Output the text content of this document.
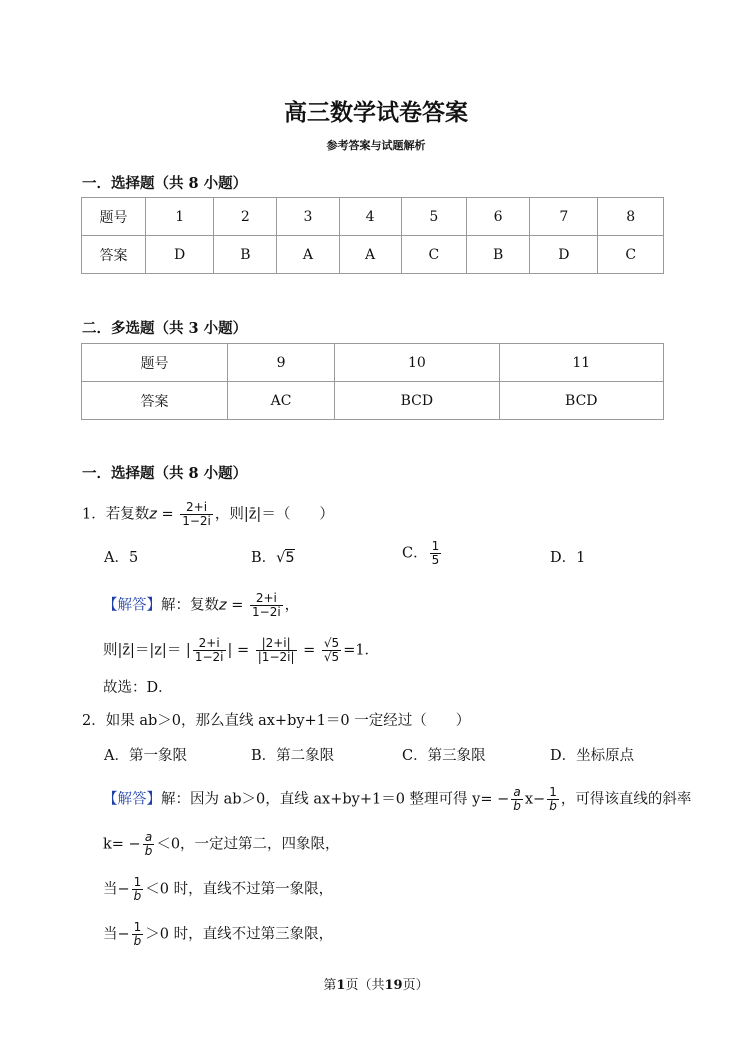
高三数学试卷答案
参考答案与试题解析
一．选择题（共 8 小题）
题号	1	2	3	4	5	6	7	8
答案	D	B	A	A	C	B	D	C
二．多选题（共 3 小题）
题号	9	10	11
答案	AC	BCD	BCD
一．选择题（共 8 小题）
1．若复数$z = \frac{2+i}{1-2i}$ ，则|z̄|＝（　　）
A．5	B．√5	C． $\frac{1}{5}$	D．1
【解答】解：复数$z = \frac{2+i}{1-2i}$ ，
则|z̄|＝|z|＝ | $\frac{2+i}{1-2i}$ | = $\frac{|2+i|}{|1-2i|} = \frac{√5}{√5} =1$．
故选：D．
2．如果 ab＞0，那么直线 ax+by+1＝0 一定经过（　　）
A．第一象限	B．第二象限	C．第三象限	D．坐标原点
【解答】解：因为 ab＞0，直线 ax+by+1＝0 整理可得 $y= - \frac{a}{b} x- \frac{1}{b}$ ，可得该直线的斜率
$k= - \frac{a}{b} <0$，一定过第二，四象限，
当− $\frac{1}{b} <0$ 时，直线不过第一象限，
当− $\frac{1}{b} >0$ 时，直线不过第三象限，
第1页（共19页）
